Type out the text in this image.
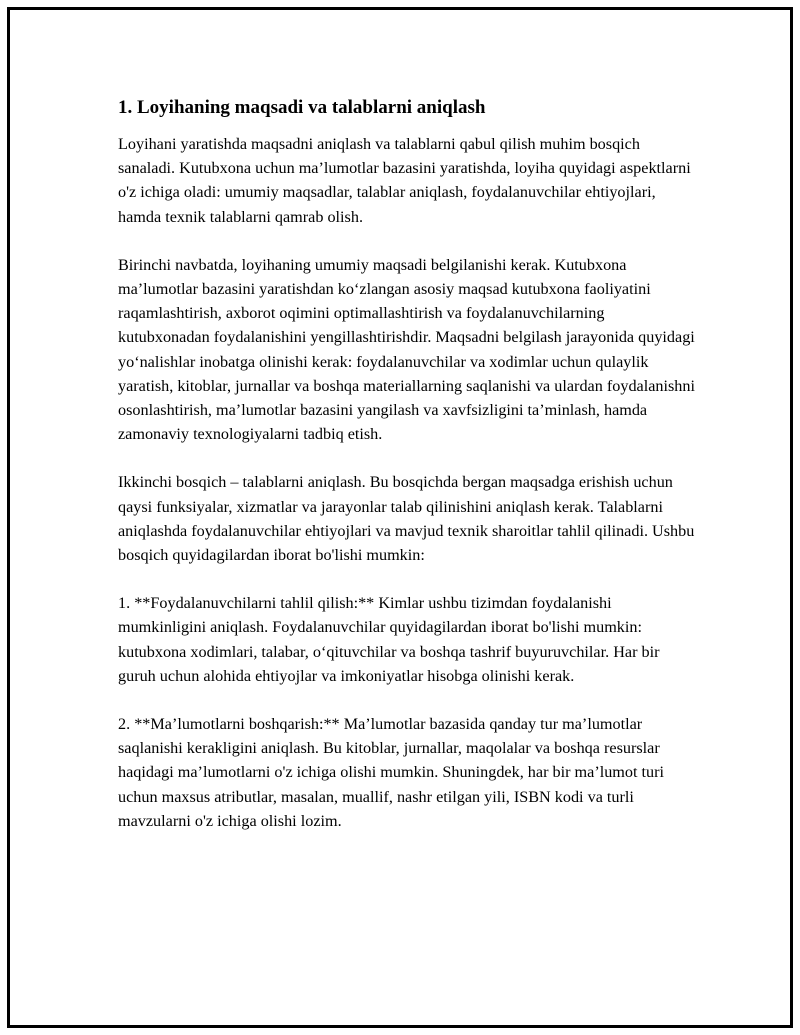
1. Loyihaning maqsadi va talablarni aniqlash

Loyihani yaratishda maqsadni aniqlash va talablarni qabul qilish muhim bosqich sanaladi. Kutubxona uchun ma’lumotlar bazasini yaratishda, loyiha quyidagi aspektlarni o'z ichiga oladi: umumiy maqsadlar, talablar aniqlash, foydalanuvchilar ehtiyojlari, hamda texnik talablarni qamrab olish.

Birinchi navbatda, loyihaning umumiy maqsadi belgilanishi kerak. Kutubxona ma’lumotlar bazasini yaratishdan ko‘zlangan asosiy maqsad kutubxona faoliyatini raqamlashtirish, axborot oqimini optimallashtirish va foydalanuvchilarning kutubxonadan foydalanishini yengillashtirishdir. Maqsadni belgilash jarayonida quyidagi yo‘nalishlar inobatga olinishi kerak: foydalanuvchilar va xodimlar uchun qulaylik yaratish, kitoblar, jurnallar va boshqa materiallarning saqlanishi va ulardan foydalanishni osonlashtirish, ma’lumotlar bazasini yangilash va xavfsizligini ta’minlash, hamda zamonaviy texnologiyalarni tadbiq etish.

Ikkinchi bosqich – talablarni aniqlash. Bu bosqichda bergan maqsadga erishish uchun qaysi funksiyalar, xizmatlar va jarayonlar talab qilinishini aniqlash kerak. Talablarni aniqlashda foydalanuvchilar ehtiyojlari va mavjud texnik sharoitlar tahlil qilinadi. Ushbu bosqich quyidagilardan iborat bo'lishi mumkin:

1. **Foydalanuvchilarni tahlil qilish:** Kimlar ushbu tizimdan foydalanishi mumkinligini aniqlash. Foydalanuvchilar quyidagilardan iborat bo'lishi mumkin: kutubxona xodimlari, talabar, o‘qituvchilar va boshqa tashrif buyuruvchilar. Har bir guruh uchun alohida ehtiyojlar va imkoniyatlar hisobga olinishi kerak.

2. **Ma’lumotlarni boshqarish:** Ma’lumotlar bazasida qanday tur ma’lumotlar saqlanishi kerakligini aniqlash. Bu kitoblar, jurnallar, maqolalar va boshqa resurslar haqidagi ma’lumotlarni o'z ichiga olishi mumkin. Shuningdek, har bir ma’lumot turi uchun maxsus atributlar, masalan, muallif, nashr etilgan yili, ISBN kodi va turli mavzularni o'z ichiga olishi lozim.
